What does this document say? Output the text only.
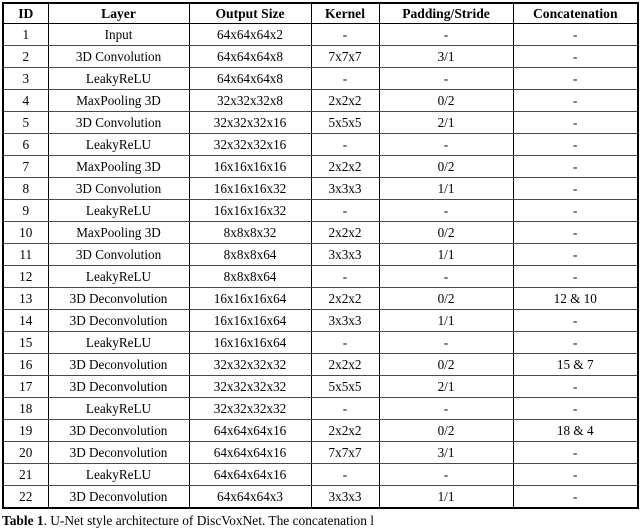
ID	Layer	Output Size	Kernel	Padding/Stride	Concatenation
1	Input	64x64x64x2	-	-	-
2	3D Convolution	64x64x64x8	7x7x7	3/1	-
3	LeakyReLU	64x64x64x8	-	-	-
4	MaxPooling 3D	32x32x32x8	2x2x2	0/2	-
5	3D Convolution	32x32x32x16	5x5x5	2/1	-
6	LeakyReLU	32x32x32x16	-	-	-
7	MaxPooling 3D	16x16x16x16	2x2x2	0/2	-
8	3D Convolution	16x16x16x32	3x3x3	1/1	-
9	LeakyReLU	16x16x16x32	-	-	-
10	MaxPooling 3D	8x8x8x32	2x2x2	0/2	-
11	3D Convolution	8x8x8x64	3x3x3	1/1	-
12	LeakyReLU	8x8x8x64	-	-	-
13	3D Deconvolution	16x16x16x64	2x2x2	0/2	12 & 10
14	3D Deconvolution	16x16x16x64	3x3x3	1/1	-
15	LeakyReLU	16x16x16x64	-	-	-
16	3D Deconvolution	32x32x32x32	2x2x2	0/2	15 & 7
17	3D Deconvolution	32x32x32x32	5x5x5	2/1	-
18	LeakyReLU	32x32x32x32	-	-	-
19	3D Deconvolution	64x64x64x16	2x2x2	0/2	18 & 4
20	3D Deconvolution	64x64x64x16	7x7x7	3/1	-
21	LeakyReLU	64x64x64x16	-	-	-
22	3D Deconvolution	64x64x64x3	3x3x3	1/1	-
Table 1. U-Net style architecture of DiscVoxNet. The concatenation l
